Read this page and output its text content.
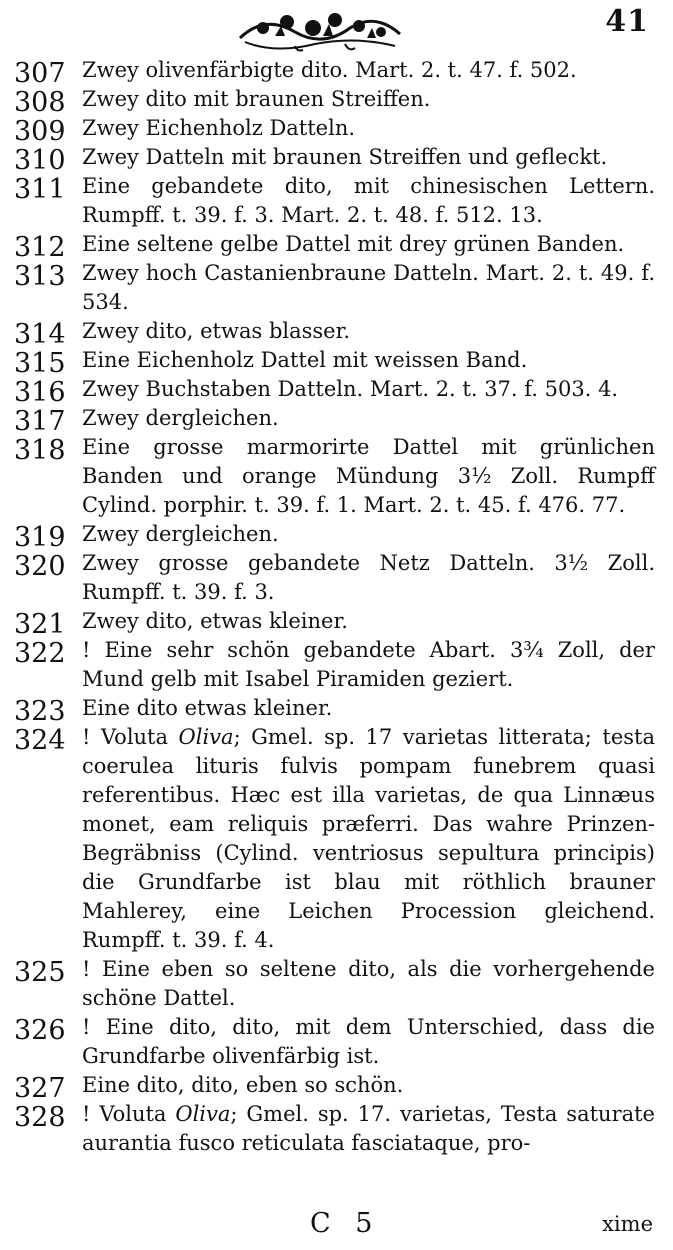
41
307 Zwey olivenfärbigte dito. Mart. 2. t. 47. f. 502.
308 Zwey dito mit braunen Streiffen.
309 Zwey Eichenholz Datteln.
310 Zwey Datteln mit braunen Streiffen und gefleckt.
311 Eine gebandete dito, mit chinesischen Lettern. Rumpff. t. 39. f. 3. Mart. 2. t. 48. f. 512. 13.
312 Eine seltene gelbe Dattel mit drey grünen Banden.
313 Zwey hoch Castanienbraune Datteln. Mart. 2. t. 49. f. 534.
314 Zwey dito, etwas blasser.
315 Eine Eichenholz Dattel mit weissen Band.
316 Zwey Buchstaben Datteln. Mart. 2. t. 37. f. 503. 4.
317 Zwey dergleichen.
318 Eine grosse marmorirte Dattel mit grünlichen Banden und orange Mündung 3½ Zoll. Rumpff Cylind. porphir. t. 39. f. 1. Mart. 2. t. 45. f. 476. 77.
319 Zwey dergleichen.
320 Zwey grosse gebandete Netz Datteln. 3½ Zoll. Rumpff. t. 39. f. 3.
321 Zwey dito, etwas kleiner.
322 ! Eine sehr schön gebandete Abart. 3¾ Zoll, der Mund gelb mit Isabel Piramiden geziert.
323 Eine dito etwas kleiner.
324 ! Voluta Oliva; Gmel. sp. 17 varietas litterata; testa coerulea lituris fulvis pompam funebrem quasi referentibus. Hæc est illa varietas, de qua Linnæus monet, eam reliquis præferri. Das wahre Prinzen-Begräbniss (Cylind. ventriosus sepultura principis) die Grundfarbe ist blau mit röthlich brauner Mahlerey, eine Leichen Procession gleichend. Rumpff. t. 39. f. 4.
325 ! Eine eben so seltene dito, als die vorhergehende schöne Dattel.
326 ! Eine dito, dito, mit dem Unterschied, dass die Grundfarbe olivenfärbig ist.
327 Eine dito, dito, eben so schön.
328 ! Voluta Oliva; Gmel. sp. 17. varietas, Testa saturate aurantia fusco reticulata fasciataque, pro-
C 5	xime
